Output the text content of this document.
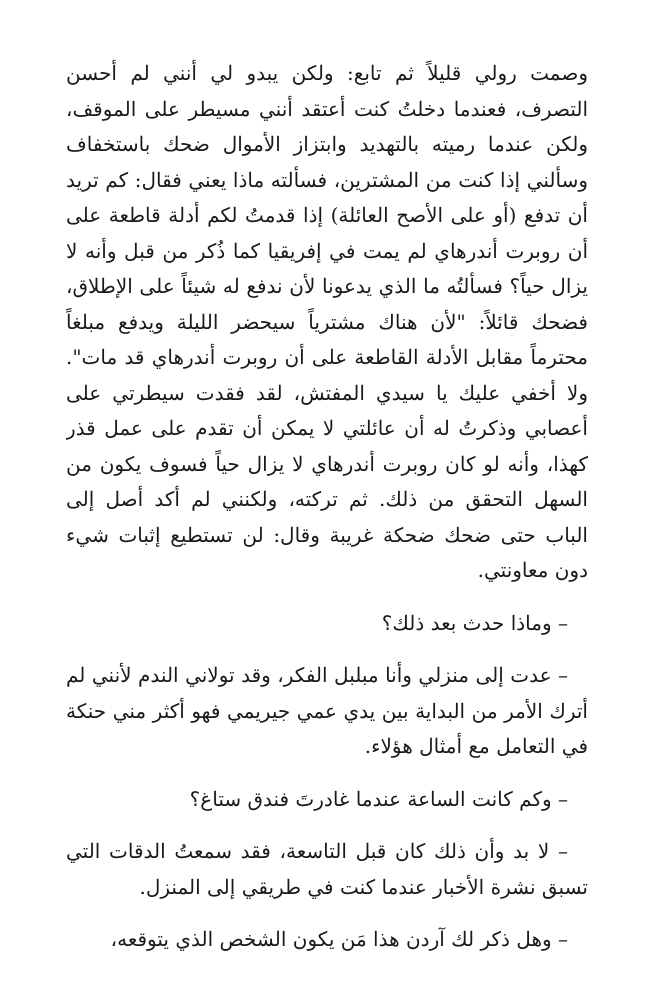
وصمت رولي قليلاً ثم تابع: ولكن يبدو لي أنني لم أحسن التصرف، فعندما دخلتُ كنت أعتقد أنني مسيطر على الموقف، ولكن عندما رميته بالتهديد وابتزاز الأموال ضحك باستخفاف وسألني إذا كنت من المشترين، فسألته ماذا يعني فقال: كم تريد أن تدفع (أو على الأصح العائلة) إذا قدمتُ لكم أدلة قاطعة على أن روبرت أندرهاي لم يمت في إفريقيا كما ذُكر من قبل وأنه لا يزال حياً؟ فسألتُه ما الذي يدعونا لأن ندفع له شيئاً على الإطلاق، فضحك قائلاً: "لأن هناك مشترياً سيحضر الليلة ويدفع مبلغاً محترماً مقابل الأدلة القاطعة على أن روبرت أندرهاي قد مات". ولا أخفي عليك يا سيدي المفتش، لقد فقدت سيطرتي على أعصابي وذكرتُ له أن عائلتي لا يمكن أن تقدم على عمل قذر كهذا، وأنه لو كان روبرت أندرهاي لا يزال حياً فسوف يكون من السهل التحقق من ذلك. ثم تركته، ولكنني لم أكد أصل إلى الباب حتى ضحك ضحكة غريبة وقال: لن تستطيع إثبات شيء دون معاونتي.

– وماذا حدث بعد ذلك؟

– عدت إلى منزلي وأنا مبلبل الفكر، وقد تولاني الندم لأنني لم أترك الأمر من البداية بين يدي عمي جيريمي فهو أكثر مني حنكة في التعامل مع أمثال هؤلاء.

– وكم كانت الساعة عندما غادرتَ فندق ستاغ؟

– لا بد وأن ذلك كان قبل التاسعة، فقد سمعتُ الدقات التي تسبق نشرة الأخبار عندما كنت في طريقي إلى المنزل.

– وهل ذكر لك آردن هذا مَن يكون الشخص الذي يتوقعه،
